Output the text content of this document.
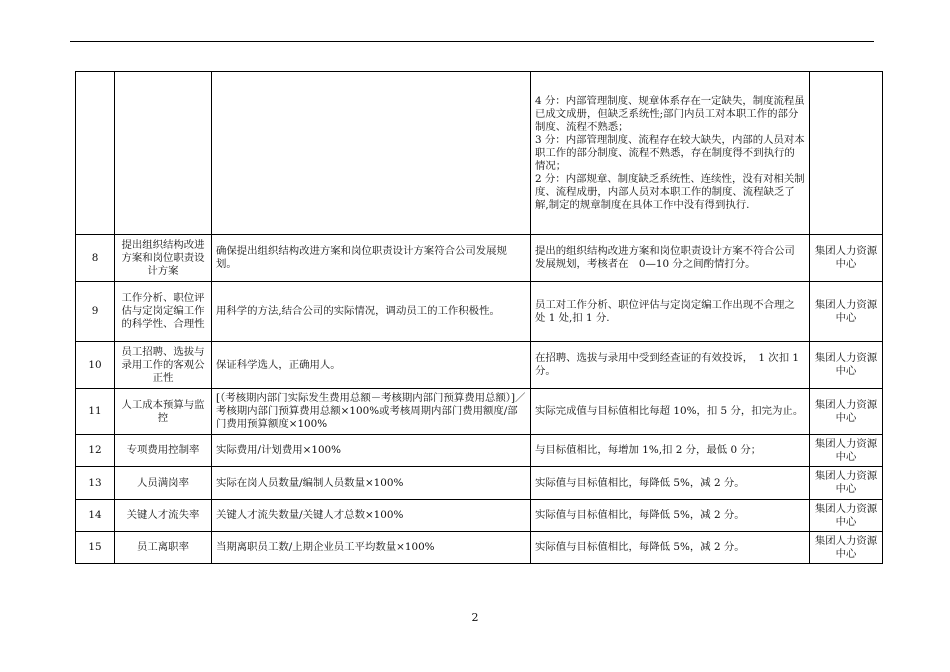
			4 分：内部管理制度、规章体系存在一定缺失，制度流程虽已成文成册，但缺乏系统性;部门内员工对本职工作的部分制度、流程不熟悉；
3 分：内部管理制度、流程存在较大缺失，内部的人员对本职工作的部分制度、流程不熟悉，存在制度得不到执行的情况；
2 分：内部规章、制度缺乏系统性、连续性，没有对相关制度、流程成册，内部人员对本职工作的制度、流程缺乏了解,制定的规章制度在具体工作中没有得到执行.	

8	提出组织结构改进方案和岗位职责设计方案	确保提出组织结构改进方案和岗位职责设计方案符合公司发展规划。	提出的组织结构改进方案和岗位职责设计方案不符合公司发展规划，考核者在　0—10 分之间酌情打分。	集团人力资源中心
9	工作分析、职位评估与定岗定编工作的科学性、合理性	用科学的方法,结合公司的实际情况，调动员工的工作积极性。	员工对工作分析、职位评估与定岗定编工作出现不合理之处 1 处,扣 1 分.	集团人力资源中心
10	员工招聘、选拔与录用工作的客观公正性	保证科学选人，正确用人。	在招聘、选拔与录用中受到经查证的有效投诉，　1 次扣 1 分。	集团人力资源中心
11	人工成本预算与监控	[（考核期内部门实际发生费用总额－考核期内部门预算费用总额）]／考核期内部门预算费用总额×100%或考核周期内部门费用额度/部门费用预算额度×100%	实际完成值与目标值相比每超 10%，扣 5 分，扣完为止。	集团人力资源中心
12	专项费用控制率	实际费用/计划费用×100%	与目标值相比，每增加 1%,扣 2 分，最低 0 分；	集团人力资源中心
13	人员满岗率	实际在岗人员数量/编制人员数量×100%	实际值与目标值相比，每降低 5%，减 2 分。	集团人力资源中心
14	关键人才流失率	关键人才流失数量/关键人才总数×100%	实际值与目标值相比，每降低 5%，减 2 分。	集团人力资源中心
15	员工离职率	当期离职员工数/上期企业员工平均数量×100%	实际值与目标值相比，每降低 5%，减 2 分。	集团人力资源中心
2
